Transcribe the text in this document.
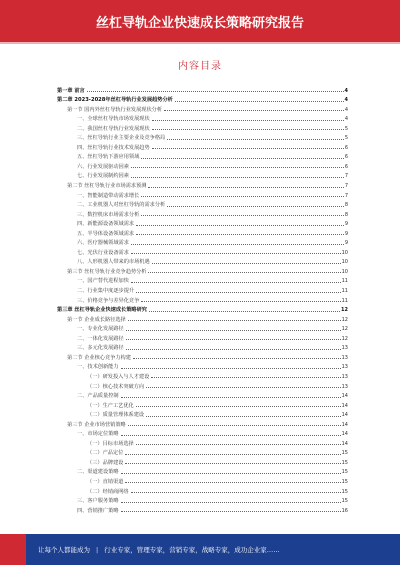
丝杠导轨企业快速成长策略研究报告
内容目录
第一章 前言	4
第二章 2023-2028年丝杠导轨行业发展趋势分析	4
第一节 国内外丝杠导轨行业发展现状分析	4
一、全球丝杠导轨市场发展现状	4
二、我国丝杠导轨行业发展现状	5
三、丝杠导轨行业主要企业及竞争格局	5
四、丝杠导轨行业技术发展趋势	6
五、丝杠导轨下游应用领域	6
六、行业发展驱动因素	6
七、行业发展制约因素	7
第二节 丝杠导轨行业市场需求预测	7
一、智能制造带动需求增长	7
二、工业机器人对丝杠导轨的需求分析	8
三、数控机床市场需求分析	8
四、新能源设备领域需求	9
五、半导体设备领域需求	9
六、医疗器械领域需求	9
七、光伏行业设备需求	10
八、人形机器人带来的市场机遇	10
第三节 丝杠导轨行业竞争趋势分析	10
一、国产替代进程加快	11
二、行业集中度逐步提升	11
三、价格竞争与差异化竞争	11
第三章 丝杠导轨企业快速成长策略研究	12
第一节 企业成长路径选择	12
一、专业化发展路径	12
二、一体化发展路径	12
三、多元化发展路径	13
第二节 企业核心竞争力构建	13
一、技术创新能力	13
（一）研发投入与人才建设	13
（二）核心技术突破方向	13
二、产品质量控制	14
（一）生产工艺优化	14
（二）质量管理体系建设	14
第三节 企业市场营销策略	14
一、市场定位策略	14
（一）目标市场选择	14
（二）产品定位	15
（三）品牌建设	15
二、渠道建设策略	15
（一）直销渠道	15
（二）经销商网络	15
三、客户服务策略	15
四、营销推广策略	16
让每个人都能成为 | 行业专家，管理专家，营销专家，战略专家，成功企业家……
